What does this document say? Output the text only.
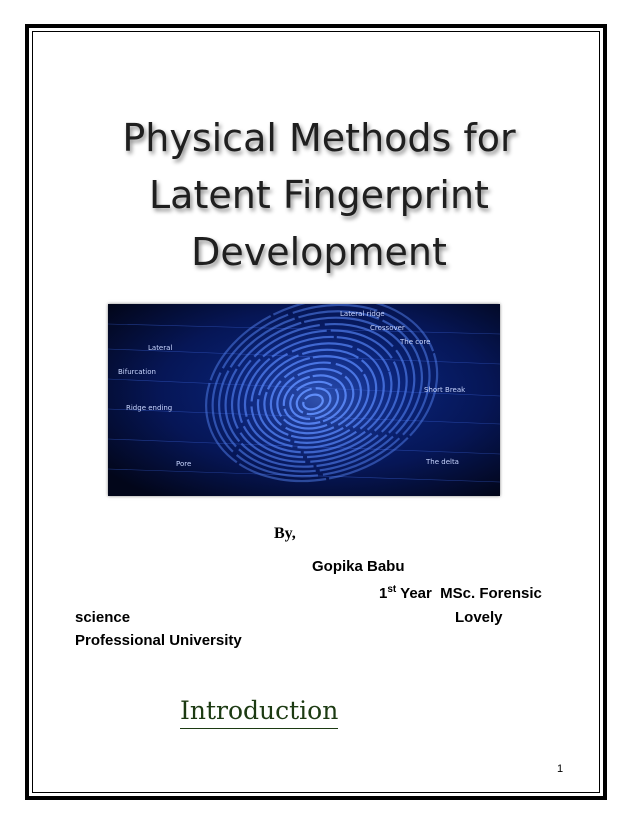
Physical Methods for
Latent Fingerprint
Development
Lateral
Bifurcation
Ridge ending
Pore
Lateral ridge
Crossover
The core
Short Break
The delta
By,
Gopika Babu
1st Year  MSc. Forensic
science	Lovely
Professional University
Introduction
1
